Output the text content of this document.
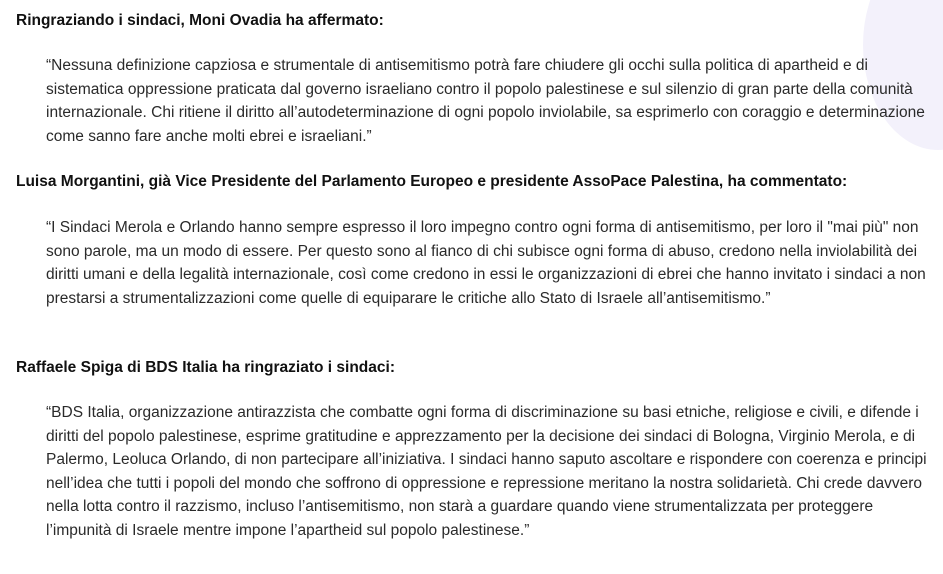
Ringraziando i sindaci, Moni Ovadia ha affermato:

“Nessuna definizione capziosa e strumentale di antisemitismo potrà fare chiudere gli occhi sulla politica di apartheid e di sistematica oppressione praticata dal governo israeliano contro il popolo palestinese e sul silenzio di gran parte della comunità internazionale. Chi ritiene il diritto all’autodeterminazione di ogni popolo inviolabile, sa esprimerlo con coraggio e determinazione come sanno fare anche molti ebrei e israeliani.”

Luisa Morgantini, già Vice Presidente del Parlamento Europeo e presidente AssoPace Palestina, ha commentato:

“I Sindaci Merola e Orlando hanno sempre espresso il loro impegno contro ogni forma di antisemitismo, per loro il "mai più" non sono parole, ma un modo di essere. Per questo sono al fianco di chi subisce ogni forma di abuso, credono nella inviolabilità dei diritti umani e della legalità internazionale, così come credono in essi le organizzazioni di ebrei che hanno invitato i sindaci a non prestarsi a strumentalizzazioni come quelle di equiparare le critiche allo Stato di Israele all’antisemitismo.”

Raffaele Spiga di BDS Italia ha ringraziato i sindaci:

“BDS Italia, organizzazione antirazzista che combatte ogni forma di discriminazione su basi etniche, religiose e civili, e difende i diritti del popolo palestinese, esprime gratitudine e apprezzamento per la decisione dei sindaci di Bologna, Virginio Merola, e di Palermo, Leoluca Orlando, di non partecipare all’iniziativa. I sindaci hanno saputo ascoltare e rispondere con coerenza e principi nell’idea che tutti i popoli del mondo che soffrono di oppressione e repressione meritano la nostra solidarietà. Chi crede davvero nella lotta contro il razzismo, incluso l’antisemitismo, non starà a guardare quando viene strumentalizzata per proteggere l’impunità di Israele mentre impone l’apartheid sul popolo palestinese.”
